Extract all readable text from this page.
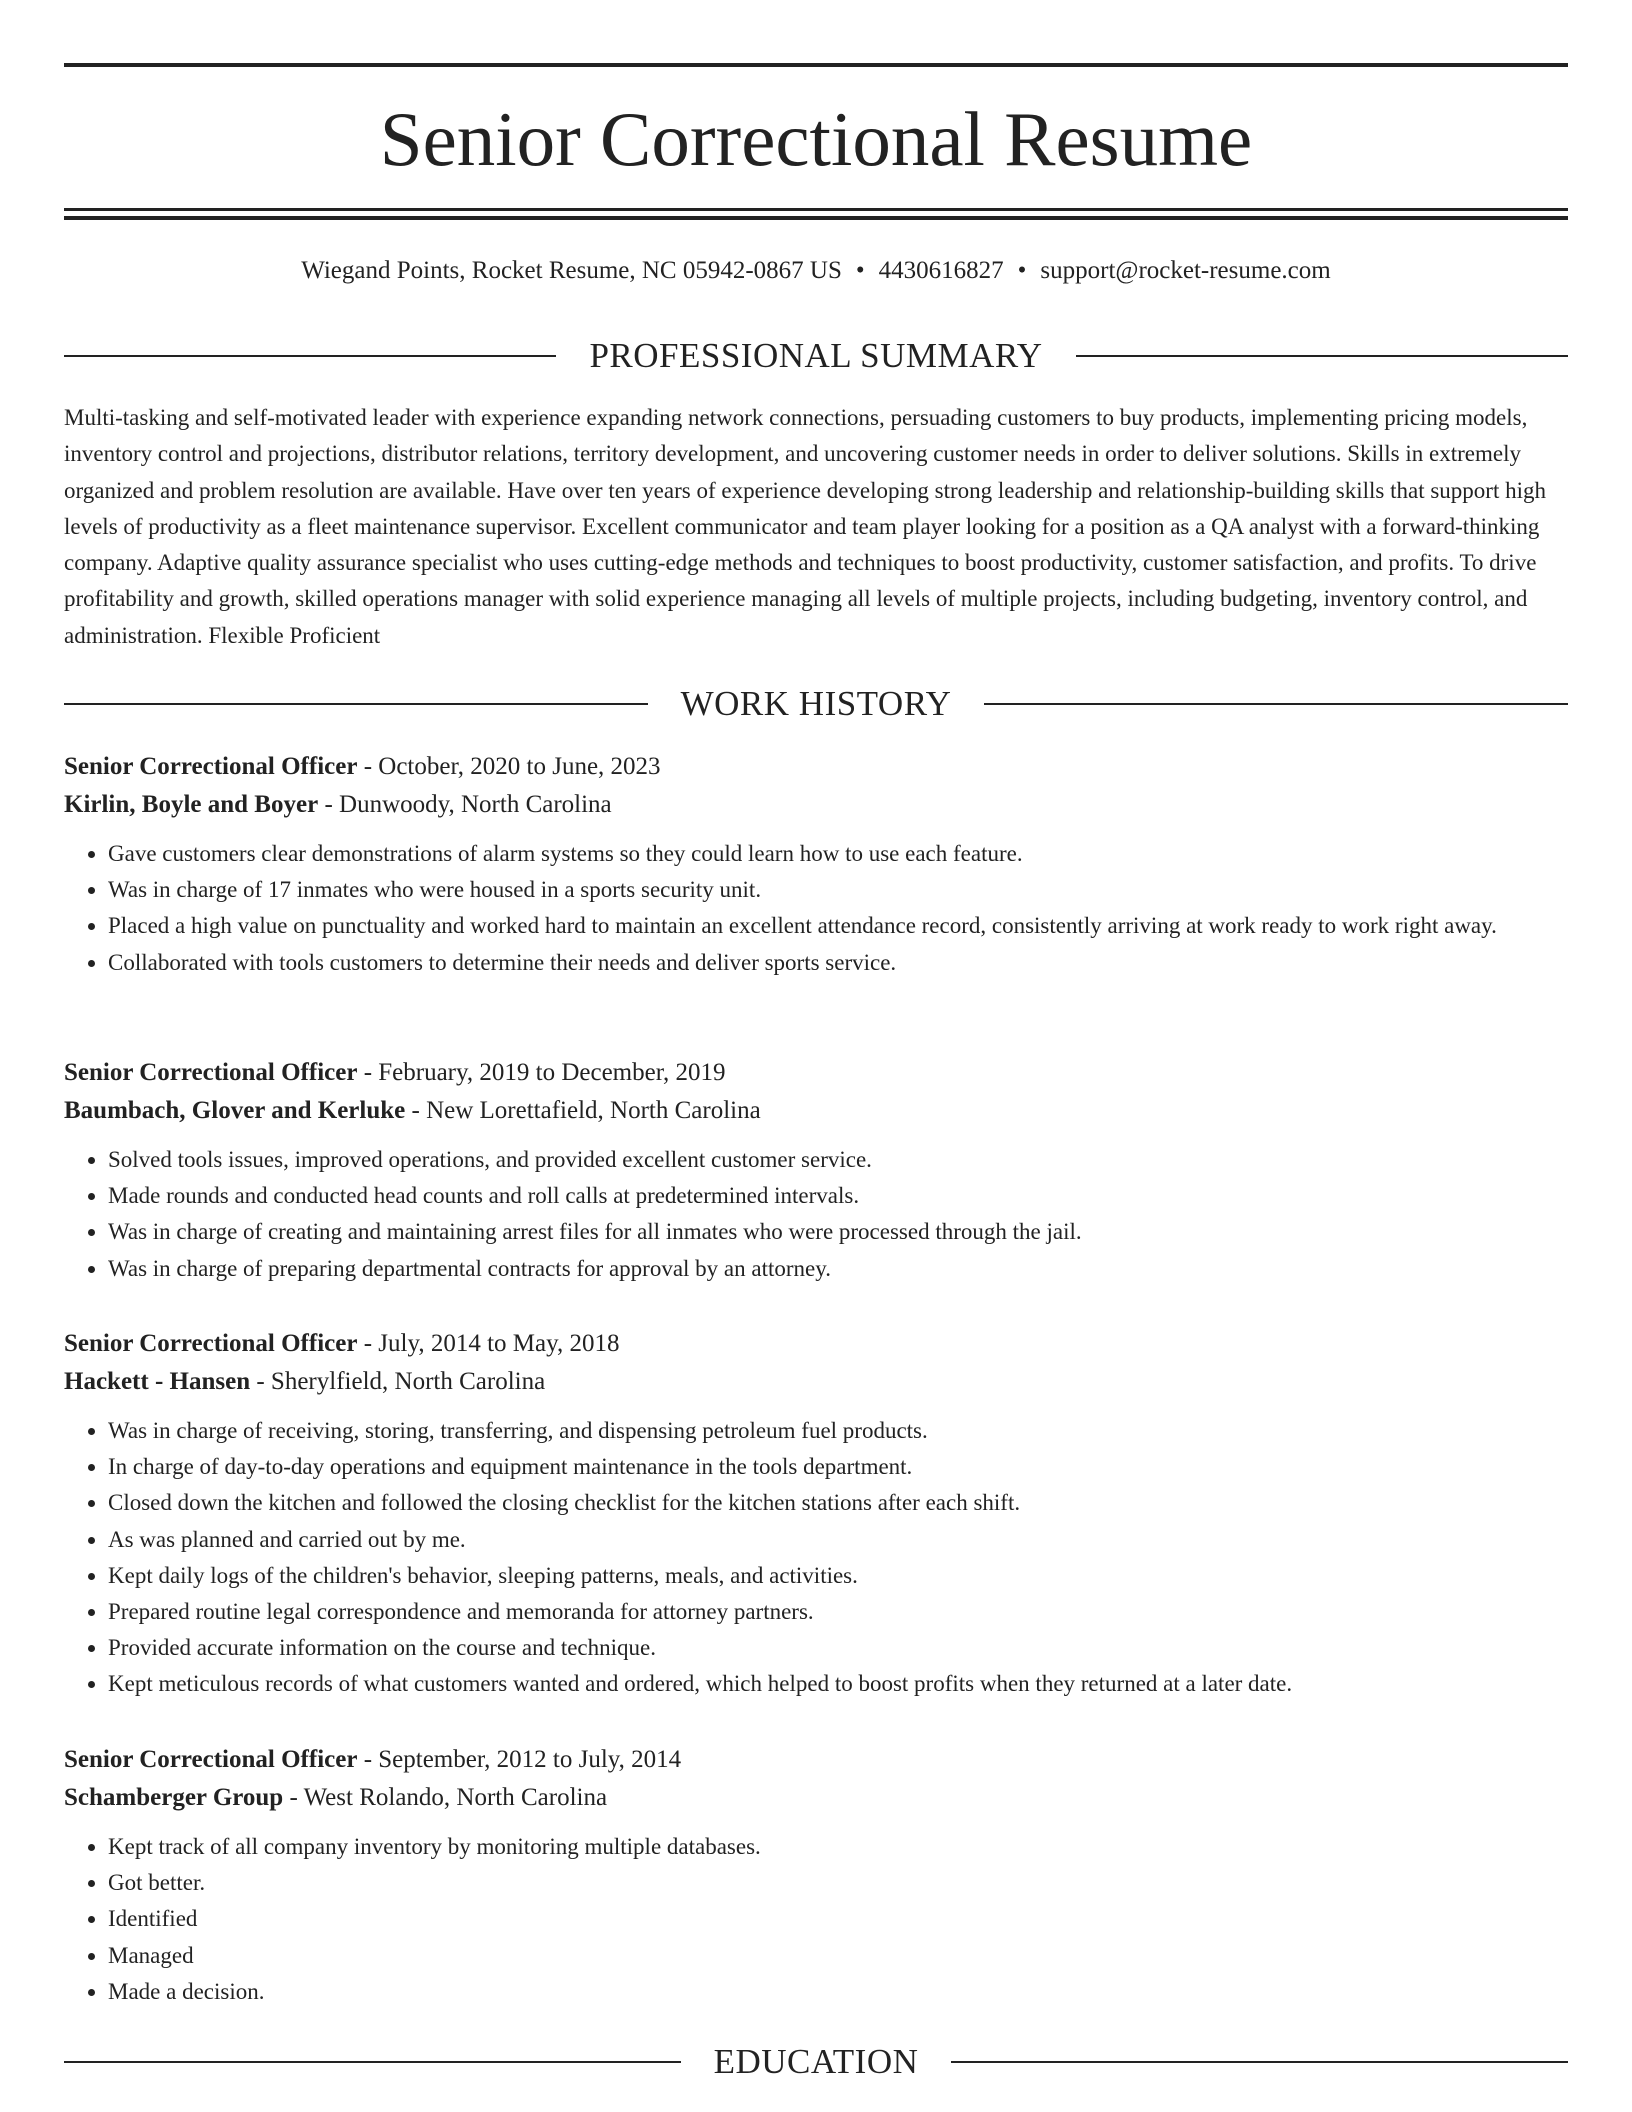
Senior Correctional Resume
Wiegand Points, Rocket Resume, NC 05942-0867 US • 4430616827 • support@rocket-resume.com
PROFESSIONAL SUMMARY

Multi-tasking and self-motivated leader with experience expanding network connections, persuading customers to buy products, implementing pricing models, inventory control and projections, distributor relations, territory development, and uncovering customer needs in order to deliver solutions. Skills in extremely organized and problem resolution are available. Have over ten years of experience developing strong leadership and relationship-building skills that support high levels of productivity as a fleet maintenance supervisor. Excellent communicator and team player looking for a position as a QA analyst with a forward-thinking company. Adaptive quality assurance specialist who uses cutting-edge methods and techniques to boost productivity, customer satisfaction, and profits. To drive profitability and growth, skilled operations manager with solid experience managing all levels of multiple projects, including budgeting, inventory control, and administration. Flexible Proficient

WORK HISTORY

Senior Correctional Officer - October, 2020 to June, 2023

Kirlin, Boyle and Boyer - Dunwoody, North Carolina

• Gave customers clear demonstrations of alarm systems so they could learn how to use each feature.
• Was in charge of 17 inmates who were housed in a sports security unit.
• Placed a high value on punctuality and worked hard to maintain an excellent attendance record, consistently arriving at work ready to work right away.
• Collaborated with tools customers to determine their needs and deliver sports service.

Senior Correctional Officer - February, 2019 to December, 2019

Baumbach, Glover and Kerluke - New Lorettafield, North Carolina

• Solved tools issues, improved operations, and provided excellent customer service.
• Made rounds and conducted head counts and roll calls at predetermined intervals.
• Was in charge of creating and maintaining arrest files for all inmates who were processed through the jail.
• Was in charge of preparing departmental contracts for approval by an attorney.

Senior Correctional Officer - July, 2014 to May, 2018

Hackett - Hansen - Sherylfield, North Carolina

• Was in charge of receiving, storing, transferring, and dispensing petroleum fuel products.
• In charge of day-to-day operations and equipment maintenance in the tools department.
• Closed down the kitchen and followed the closing checklist for the kitchen stations after each shift.
• As was planned and carried out by me.
• Kept daily logs of the children's behavior, sleeping patterns, meals, and activities.
• Prepared routine legal correspondence and memoranda for attorney partners.
• Provided accurate information on the course and technique.
• Kept meticulous records of what customers wanted and ordered, which helped to boost profits when they returned at a later date.

Senior Correctional Officer - September, 2012 to July, 2014

Schamberger Group - West Rolando, North Carolina

• Kept track of all company inventory by monitoring multiple databases.
• Got better.
• Identified
• Managed
• Made a decision.
EDUCATION
